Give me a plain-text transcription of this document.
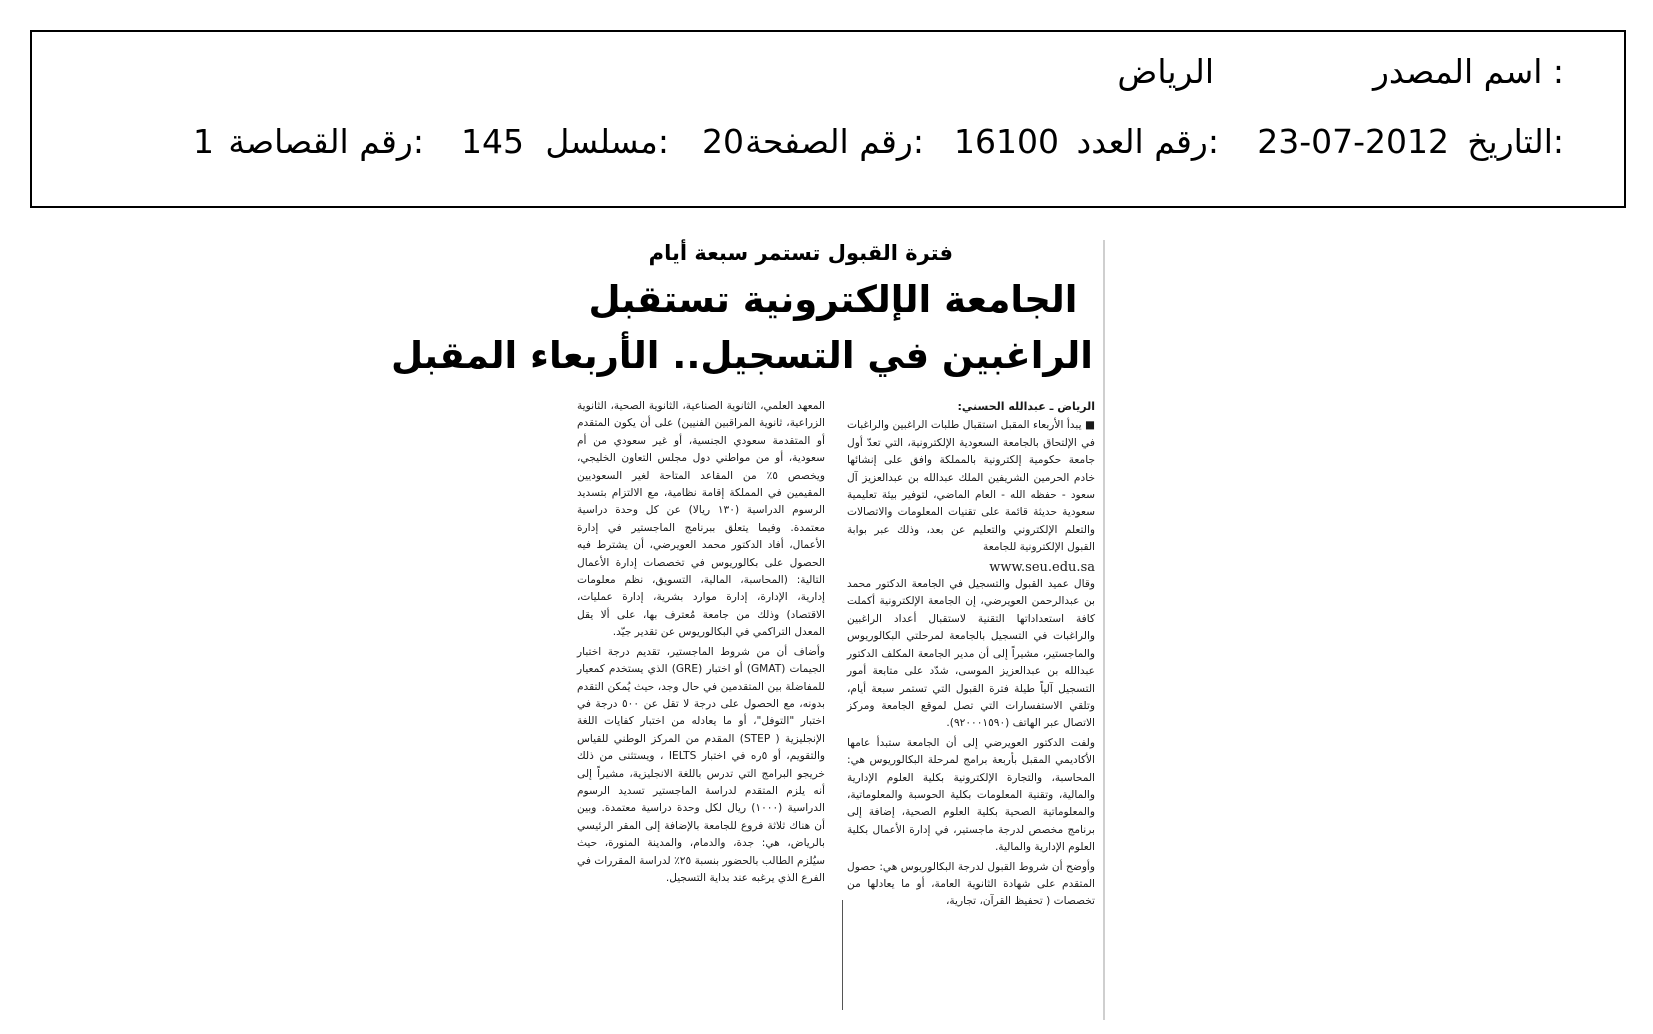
اسم المصدر :
الرياض
التاريخ:
23-07-2012
رقم العدد:
16100
رقم الصفحة:
20
مسلسل:
145
رقم القصاصة:
1
فترة القبول تستمر سبعة أيام
الجامعة الإلكترونية تستقبل
الراغبين في التسجيل.. الأربعاء المقبل
الرياض ـ عبدالله الحسني:

■ يبدأ الأربعاء المقبل استقبال طلبات الراغبين والراغبات في الإلتحاق بالجامعة السعودية الإلكترونية، التي تعدّ أول جامعة حكومية إلكترونية بالمملكة وافق على إنشائها خادم الحرمين الشريفين الملك عبدالله بن عبدالعزيز آل سعود - حفظه الله - العام الماضي، لتوفير بيئة تعليمية سعودية حديثة قائمة على تقنيات المعلومات والاتصالات والتعلم الإلكتروني والتعليم عن بعد، وذلك عبر بوابة القبول الإلكترونية للجامعة

www.seu.edu.sa

وقال عميد القبول والتسجيل في الجامعة الدكتور محمد بن عبدالرحمن العويرضي، إن الجامعة الإلكترونية أكملت كافة استعداداتها التقنية لاستقبال أعداد الراغبين والراغبات في التسجيل بالجامعة لمرحلتي البكالوريوس والماجستير، مشيراً إلى أن مدير الجامعة المكلف الدكتور عبدالله بن عبدالعزيز الموسى، شدّد على متابعة أمور التسجيل آلياً طيلة فترة القبول التي تستمر سبعة أيام، وتلقي الاستفسارات التي تصل لموقع الجامعة ومركز الاتصال عبر الهاتف (٩٢٠٠٠١٥٩٠).

ولفت الدكتور العويرضي إلى أن الجامعة ستبدأ عامها الأكاديمي المقبل بأربعة برامج لمرحلة البكالوريوس هي: المحاسبة، والتجارة الإلكترونية بكلية العلوم الإدارية والمالية، وتقنية المعلومات بكلية الحوسبة والمعلوماتية، والمعلوماتية الصحية بكلية العلوم الصحية، إضافة إلى برنامج مخصص لدرجة ماجستير، في إدارة الأعمال بكلية العلوم الإدارية والمالية.

وأوضح أن شروط القبول لدرجة البكالوريوس هي: حصول المتقدم على شهادة الثانوية العامة، أو ما يعادلها من تخصصات ( تحفيظ القرآن، تجارية،

المعهد العلمي، الثانوية الصناعية، الثانوية الصحية، الثانوية الزراعية، ثانوية المراقبين الفنيين) على أن يكون المتقدم أو المتقدمة سعودي الجنسية، أو غير سعودي من أم سعودية، أو من مواطني دول مجلس التعاون الخليجي، ويخصص ٥٪ من المقاعد المتاحة لغير السعوديين المقيمين في المملكة إقامة نظامية، مع الالتزام بتسديد الرسوم الدراسية (١٣٠ ريالا) عن كل وحدة دراسية معتمدة. وفيما يتعلق ببرنامج الماجستير في إدارة الأعمال، أفاد الدكتور محمد العويرضي، أن يشترط فيه الحصول على بكالوريوس في تخصصات إدارة الأعمال التالية: (المحاسبة، المالية، التسويق، نظم معلومات إدارية، الإدارة، إدارة موارد بشرية، إدارة عمليات، الاقتصاد) وذلك من جامعة مُعترف بها، على ألا يقل المعدل التراكمي في البكالوريوس عن تقدير جيّد.

وأضاف أن من شروط الماجستير، تقديم درجة اختبار الجيمات (GMAT) أو اختبار (GRE) الذي يستخدم كمعيار للمفاضلة بين المتقدمين في حال وجد، حيث يُمكن التقدم بدونه، مع الحصول على درجة لا تقل عن ٥٠٠ درجة في اختبار "التوفل"، أو ما يعادله من اختبار كفايات اللغة الإنجليزية ( STEP) المقدم من المركز الوطني للقياس والتقويم، أو ٥ره في اختبار IELTS ، ويستثنى من ذلك خريجو البرامج التي تدرس باللغة الانجليزية، مشيراً إلى أنه يلزم المتقدم لدراسة الماجستير تسديد الرسوم الدراسية (١٠٠٠) ريال لكل وحدة دراسية معتمدة. وبين أن هناك ثلاثة فروع للجامعة بالإضافة إلى المقر الرئيسي بالرياض، هي: جدة، والدمام، والمدينة المنورة، حيث سيُلزم الطالب بالحضور بنسبة ٢٥٪ لدراسة المقررات في الفرع الذي يرغبه عند بداية التسجيل.
